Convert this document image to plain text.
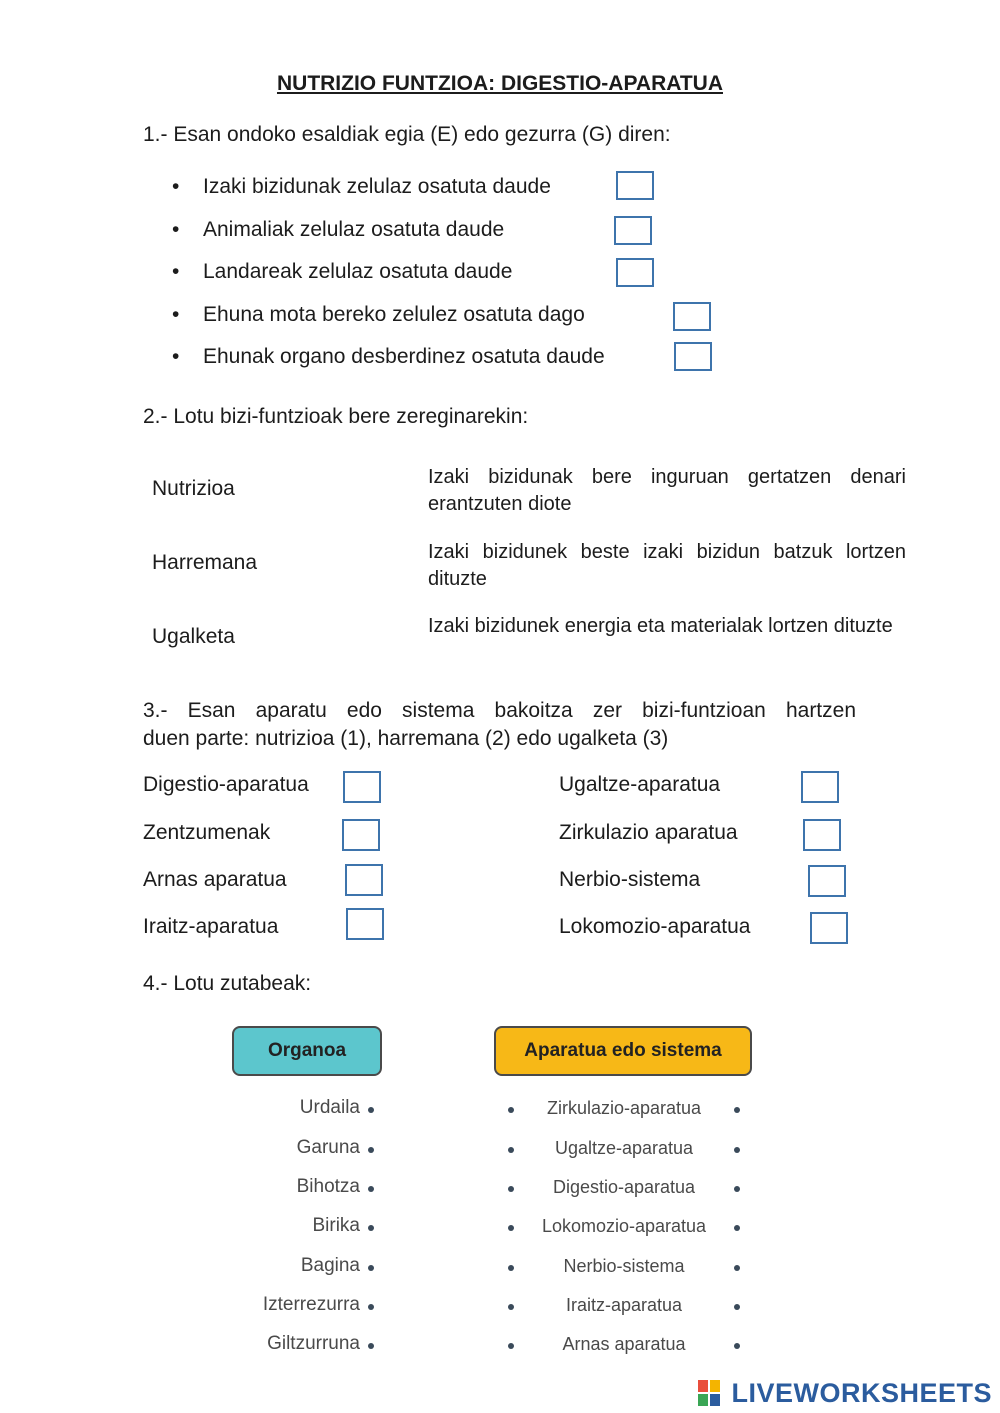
NUTRIZIO FUNTZIOA: DIGESTIO-APARATUA
1.- Esan ondoko esaldiak egia (E) edo gezurra (G) diren:
• Izaki bizidunak zelulaz osatuta daude
• Animaliak zelulaz osatuta daude
• Landareak zelulaz osatuta daude
• Ehuna mota bereko zelulez osatuta dago
• Ehunak organo desberdinez osatuta daude
2.- Lotu bizi-funtzioak bere zereginarekin:
Nutrizioa
Harremana
Ugalketa
Izaki bizidunak bere inguruan gertatzen denari erantzuten diote
Izaki bizidunek beste izaki bizidun batzuk lortzen dituzte
Izaki bizidunek energia eta materialak lortzen dituzte
3.- Esan aparatu edo sistema bakoitza zer bizi-funtzioan hartzen
duen parte: nutrizioa (1), harremana (2) edo ugalketa (3)
Digestio-aparatua
Zentzumenak
Arnas aparatua
Iraitz-aparatua
Ugaltze-aparatua
Zirkulazio aparatua
Nerbio-sistema
Lokomozio-aparatua
4.- Lotu zutabeak:
Organoa	Aparatua edo sistema
Urdaila
Garuna
Bihotza
Birika
Bagina
Izterrezurra
Giltzurruna
Zirkulazio-aparatua
Ugaltze-aparatua
Digestio-aparatua
Lokomozio-aparatua
Nerbio-sistema
Iraitz-aparatua
Arnas aparatua
LIVEWORKSHEETS
